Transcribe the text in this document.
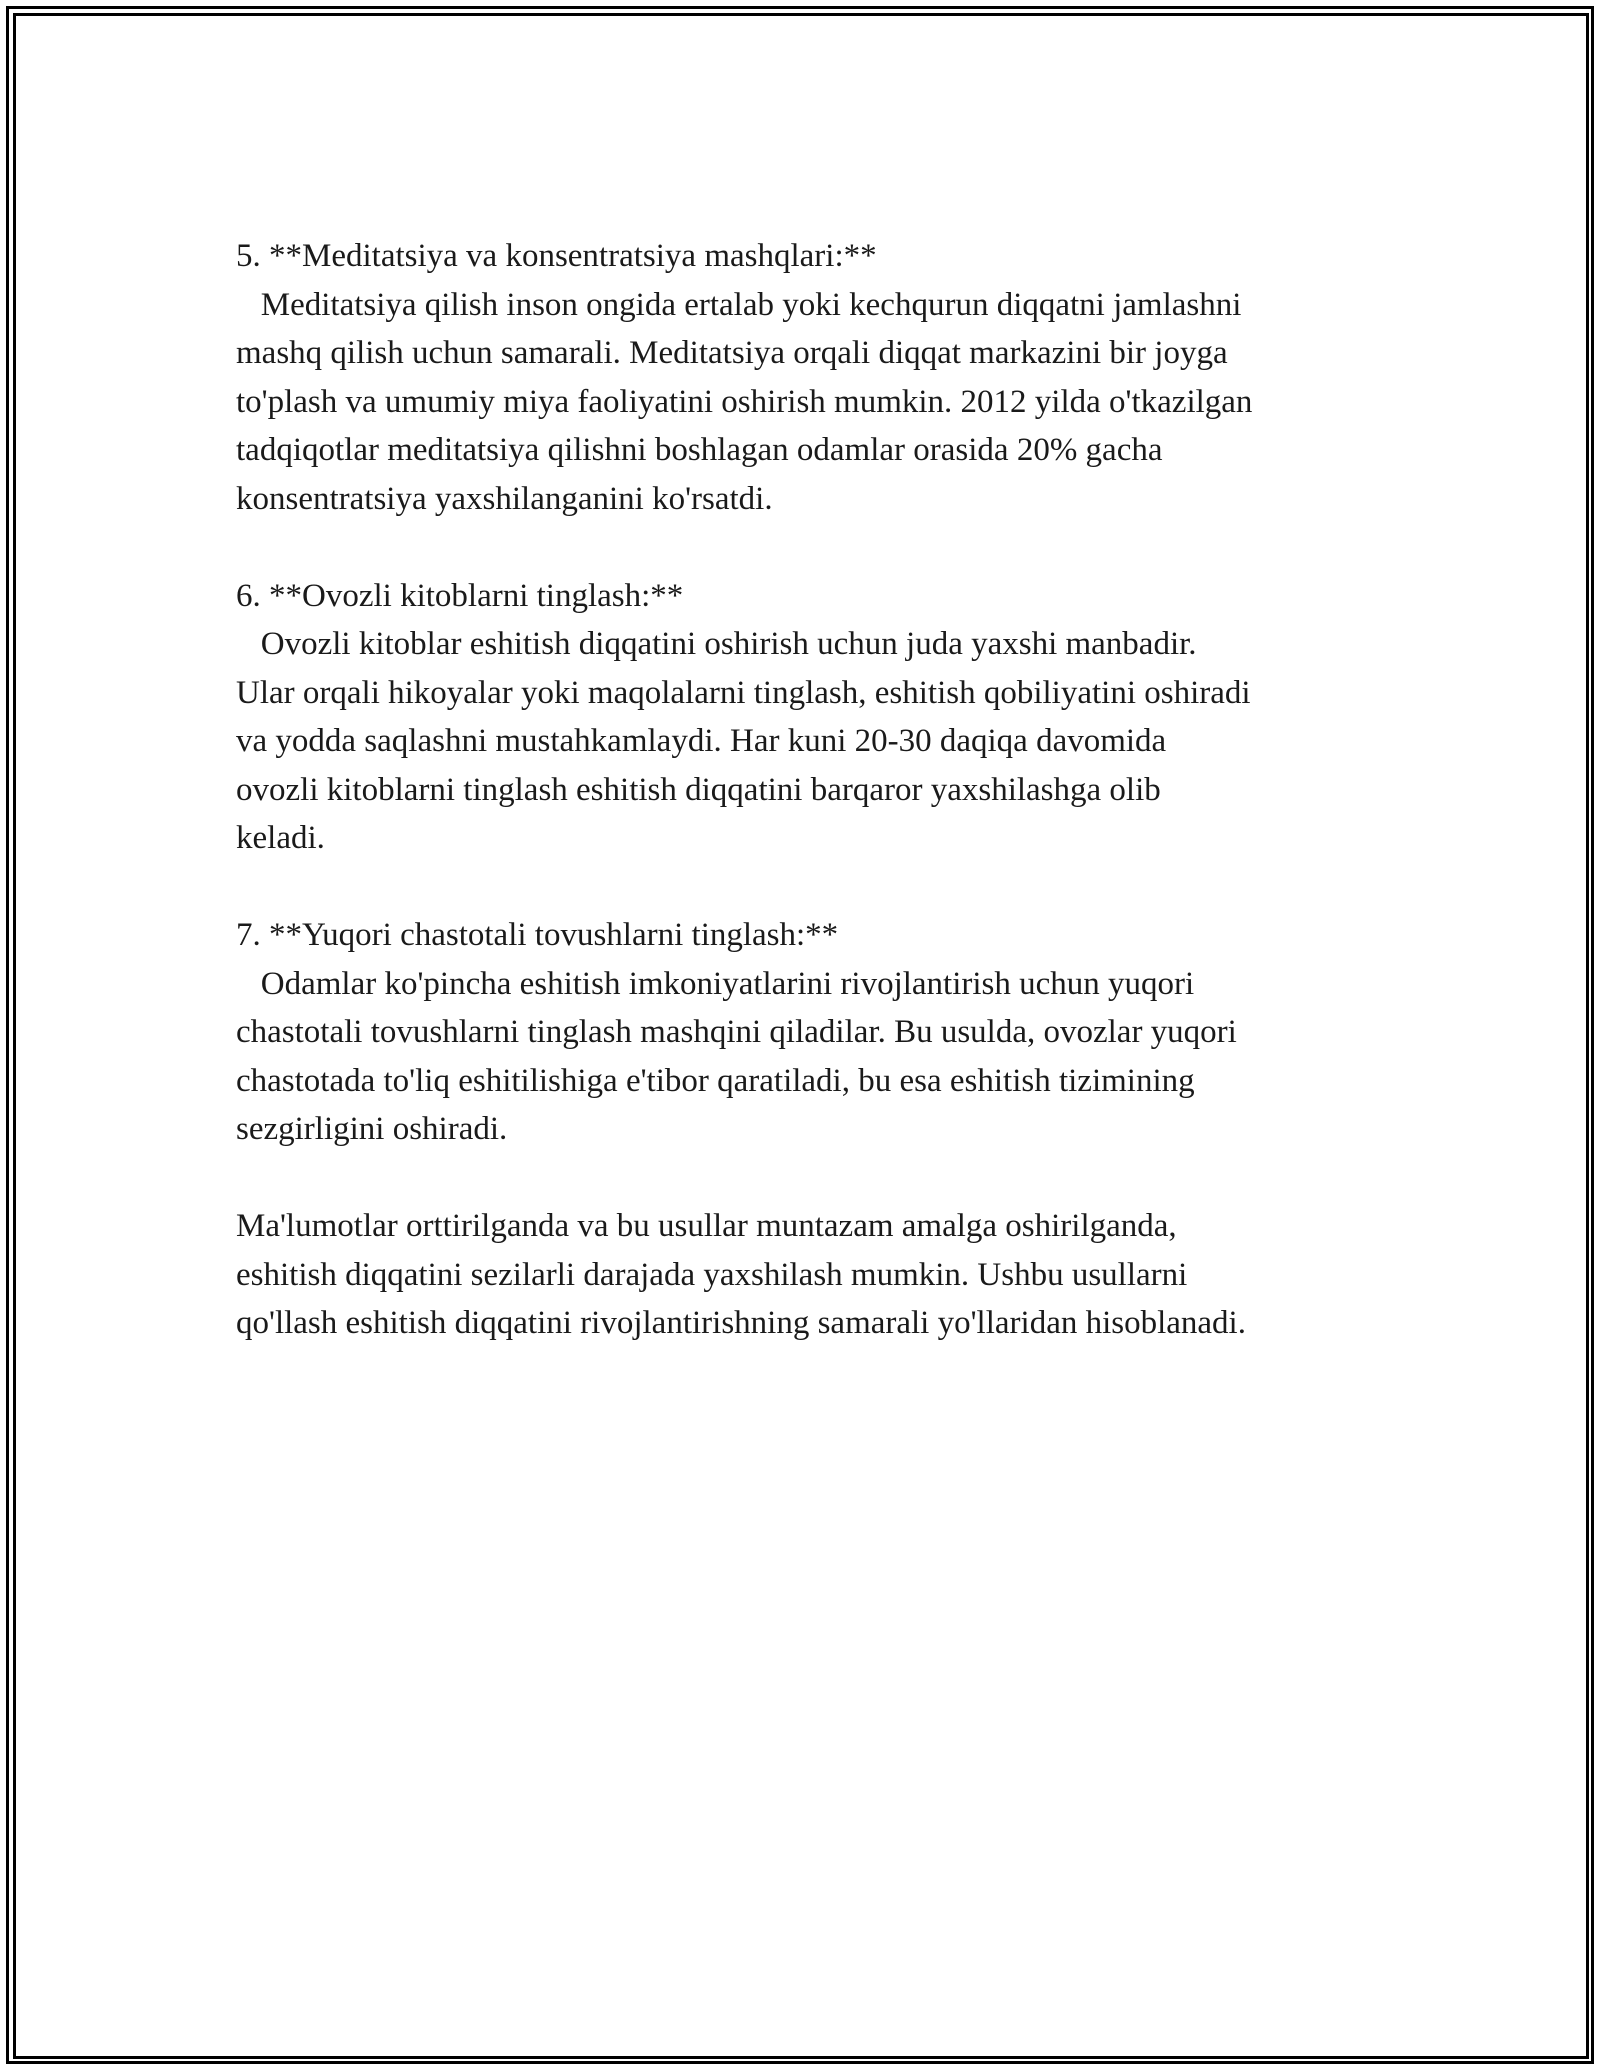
5. **Meditatsiya va konsentratsiya mashqlari:**

Meditatsiya qilish inson ongida ertalab yoki kechqurun diqqatni jamlashni

mashq qilish uchun samarali. Meditatsiya orqali diqqat markazini bir joyga

to'plash va umumiy miya faoliyatini oshirish mumkin. 2012 yilda o'tkazilgan

tadqiqotlar meditatsiya qilishni boshlagan odamlar orasida 20% gacha

konsentratsiya yaxshilanganini ko'rsatdi.

6. **Ovozli kitoblarni tinglash:**

Ovozli kitoblar eshitish diqqatini oshirish uchun juda yaxshi manbadir.

Ular orqali hikoyalar yoki maqolalarni tinglash, eshitish qobiliyatini oshiradi

va yodda saqlashni mustahkamlaydi. Har kuni 20-30 daqiqa davomida

ovozli kitoblarni tinglash eshitish diqqatini barqaror yaxshilashga olib

keladi.

7. **Yuqori chastotali tovushlarni tinglash:**

Odamlar ko'pincha eshitish imkoniyatlarini rivojlantirish uchun yuqori

chastotali tovushlarni tinglash mashqini qiladilar. Bu usulda, ovozlar yuqori

chastotada to'liq eshitilishiga e'tibor qaratiladi, bu esa eshitish tizimining

sezgirligini oshiradi.

Ma'lumotlar orttirilganda va bu usullar muntazam amalga oshirilganda,

eshitish diqqatini sezilarli darajada yaxshilash mumkin. Ushbu usullarni

qo'llash eshitish diqqatini rivojlantirishning samarali yo'llaridan hisoblanadi.
